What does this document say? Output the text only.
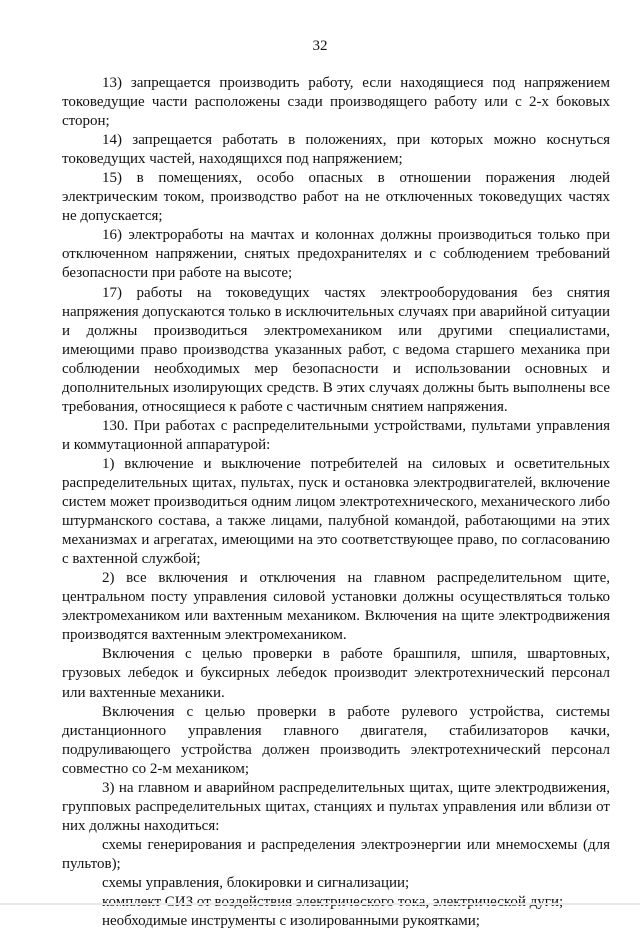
32

13) запрещается производить работу, если находящиеся под напряжением токоведущие части расположены сзади производящего работу или с 2-х боковых сторон;

14) запрещается работать в положениях, при которых можно коснуться токоведущих частей, находящихся под напряжением;

15) в помещениях, особо опасных в отношении поражения людей электрическим током, производство работ на не отключенных токоведущих частях не допускается;

16) электроработы на мачтах и колоннах должны производиться только при отключенном напряжении, снятых предохранителях и с соблюдением требований безопасности при работе на высоте;

17) работы на токоведущих частях электрооборудования без снятия напряжения допускаются только в исключительных случаях при аварийной ситуации и должны производиться электромехаником или другими специалистами, имеющими право производства указанных работ, с ведома старшего механика при соблюдении необходимых мер безопасности и использовании основных и дополнительных изолирующих средств. В этих случаях должны быть выполнены все требования, относящиеся к работе с частичным снятием напряжения.

130. При работах с распределительными устройствами, пультами управления и коммутационной аппаратурой:

1) включение и выключение потребителей на силовых и осветительных распределительных щитах, пультах, пуск и остановка электродвигателей, включение систем может производиться одним лицом электротехнического, механического либо штурманского состава, а также лицами, палубной командой, работающими на этих механизмах и агрегатах, имеющими на это соответствующее право, по согласованию с вахтенной службой;

2) все включения и отключения на главном распределительном щите, центральном посту управления силовой установки должны осуществляться только электромехаником или вахтенным механиком. Включения на щите электродвижения производятся вахтенным электромехаником.

Включения с целью проверки в работе брашпиля, шпиля, швартовных, грузовых лебедок и буксирных лебедок производит электротехнический персонал или вахтенные механики.

Включения с целью проверки в работе рулевого устройства, системы дистанционного управления главного двигателя, стабилизаторов качки, подруливающего устройства должен производить электротехнический персонал совместно со 2-м механиком;

3) на главном и аварийном распределительных щитах, щите электродвижения, групповых распределительных щитах, станциях и пультах управления или вблизи от них должны находиться:

схемы генерирования и распределения электроэнергии или мнемосхемы (для пультов);

схемы управления, блокировки и сигнализации;

необходимые инструменты с изолированными рукоятками;
